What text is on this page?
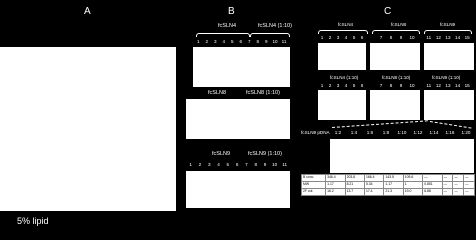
A
5% lipid
B
fcSLN4	fcSLN4 (1:10)
1 2 3 4 5 6 7 8 9 10 11
fcSLN8	fcSLN8 (1:10)
fcSLN9	fcSLN9 (1:10)
1 2 3 4 5 6 7 8 9 10 11
C
fcSLN4	fcSLN8	fcSLN9
1 2 3 4 5 6	7 8 9 10	11 12 13 14 15
fcSLN4 (1:10)	fcSLN8 (1:10)	fcSLN9 (1:10)
1 2 3 4 5 6	7 8 9 10	11 12 13 14 15
fcSLN9 pDNA	1:2 1:4 1:6 1:8 1:10 1:12 1:14 1:16 1:20
B conc.	346.4	203.8	166.4	143.5	109.6	—	—	—	—
MW	1.17	8.21	5.34	1.17	1	0.851	—	—	—
2F cut	16.2	13.7	17.4	21.3	19.0	6.88	—	—	—
